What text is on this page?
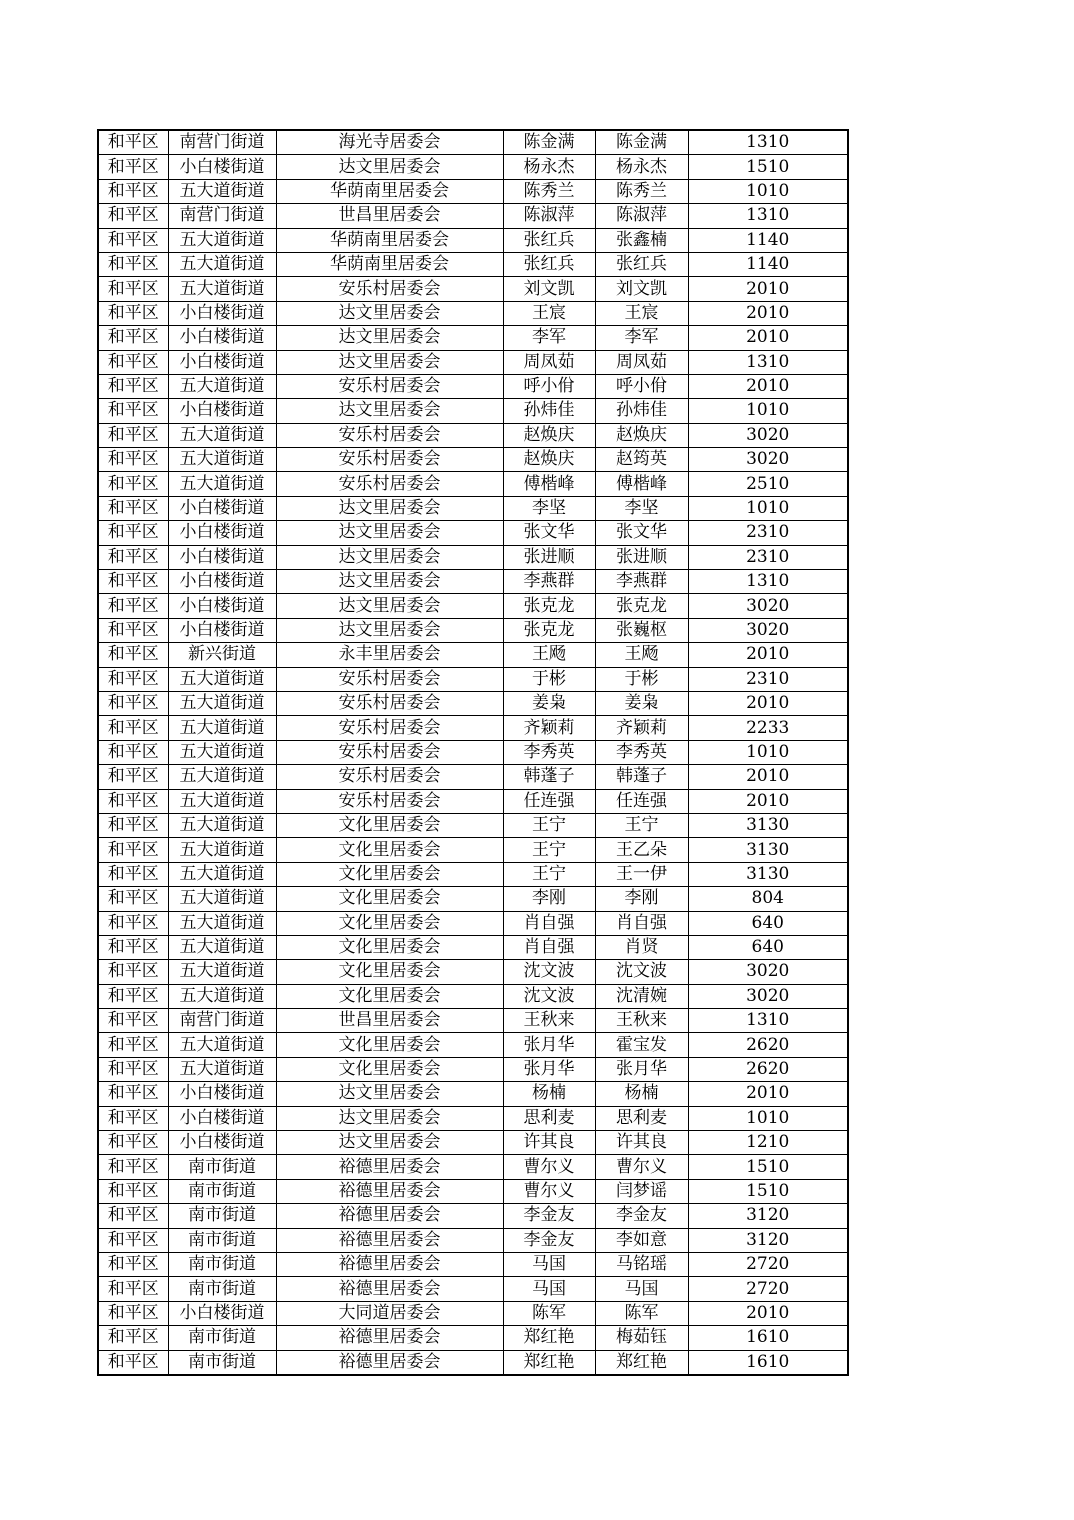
和平区	南营门街道	海光寺居委会	陈金满	陈金满	1310
和平区	小白楼街道	达文里居委会	杨永杰	杨永杰	1510
和平区	五大道街道	华荫南里居委会	陈秀兰	陈秀兰	1010
和平区	南营门街道	世昌里居委会	陈淑萍	陈淑萍	1310
和平区	五大道街道	华荫南里居委会	张红兵	张鑫楠	1140
和平区	五大道街道	华荫南里居委会	张红兵	张红兵	1140
和平区	五大道街道	安乐村居委会	刘文凯	刘文凯	2010
和平区	小白楼街道	达文里居委会	王宸	王宸	2010
和平区	小白楼街道	达文里居委会	李军	李军	2010
和平区	小白楼街道	达文里居委会	周凤茹	周凤茹	1310
和平区	五大道街道	安乐村居委会	呼小佾	呼小佾	2010
和平区	小白楼街道	达文里居委会	孙炜佳	孙炜佳	1010
和平区	五大道街道	安乐村居委会	赵焕庆	赵焕庆	3020
和平区	五大道街道	安乐村居委会	赵焕庆	赵筠英	3020
和平区	五大道街道	安乐村居委会	傅楷峰	傅楷峰	2510
和平区	小白楼街道	达文里居委会	李坚	李坚	1010
和平区	小白楼街道	达文里居委会	张文华	张文华	2310
和平区	小白楼街道	达文里居委会	张进顺	张进顺	2310
和平区	小白楼街道	达文里居委会	李燕群	李燕群	1310
和平区	小白楼街道	达文里居委会	张克龙	张克龙	3020
和平区	小白楼街道	达文里居委会	张克龙	张巍枢	3020
和平区	新兴街道	永丰里居委会	王飏	王飏	2010
和平区	五大道街道	安乐村居委会	于彬	于彬	2310
和平区	五大道街道	安乐村居委会	姜枭	姜枭	2010
和平区	五大道街道	安乐村居委会	齐颖莉	齐颖莉	2233
和平区	五大道街道	安乐村居委会	李秀英	李秀英	1010
和平区	五大道街道	安乐村居委会	韩蓬子	韩蓬子	2010
和平区	五大道街道	安乐村居委会	任连强	任连强	2010
和平区	五大道街道	文化里居委会	王宁	王宁	3130
和平区	五大道街道	文化里居委会	王宁	王乙朵	3130
和平区	五大道街道	文化里居委会	王宁	王一伊	3130
和平区	五大道街道	文化里居委会	李刚	李刚	804
和平区	五大道街道	文化里居委会	肖自强	肖自强	640
和平区	五大道街道	文化里居委会	肖自强	肖贤	640
和平区	五大道街道	文化里居委会	沈文波	沈文波	3020
和平区	五大道街道	文化里居委会	沈文波	沈清婉	3020
和平区	南营门街道	世昌里居委会	王秋来	王秋来	1310
和平区	五大道街道	文化里居委会	张月华	霍宝发	2620
和平区	五大道街道	文化里居委会	张月华	张月华	2620
和平区	小白楼街道	达文里居委会	杨楠	杨楠	2010
和平区	小白楼街道	达文里居委会	思利麦	思利麦	1010
和平区	小白楼街道	达文里居委会	许其良	许其良	1210
和平区	南市街道	裕德里居委会	曹尔义	曹尔义	1510
和平区	南市街道	裕德里居委会	曹尔义	闫梦谣	1510
和平区	南市街道	裕德里居委会	李金友	李金友	3120
和平区	南市街道	裕德里居委会	李金友	李如意	3120
和平区	南市街道	裕德里居委会	马国	马铭瑶	2720
和平区	南市街道	裕德里居委会	马国	马国	2720
和平区	小白楼街道	大同道居委会	陈军	陈军	2010
和平区	南市街道	裕德里居委会	郑红艳	梅茹钰	1610
和平区	南市街道	裕德里居委会	郑红艳	郑红艳	1610
